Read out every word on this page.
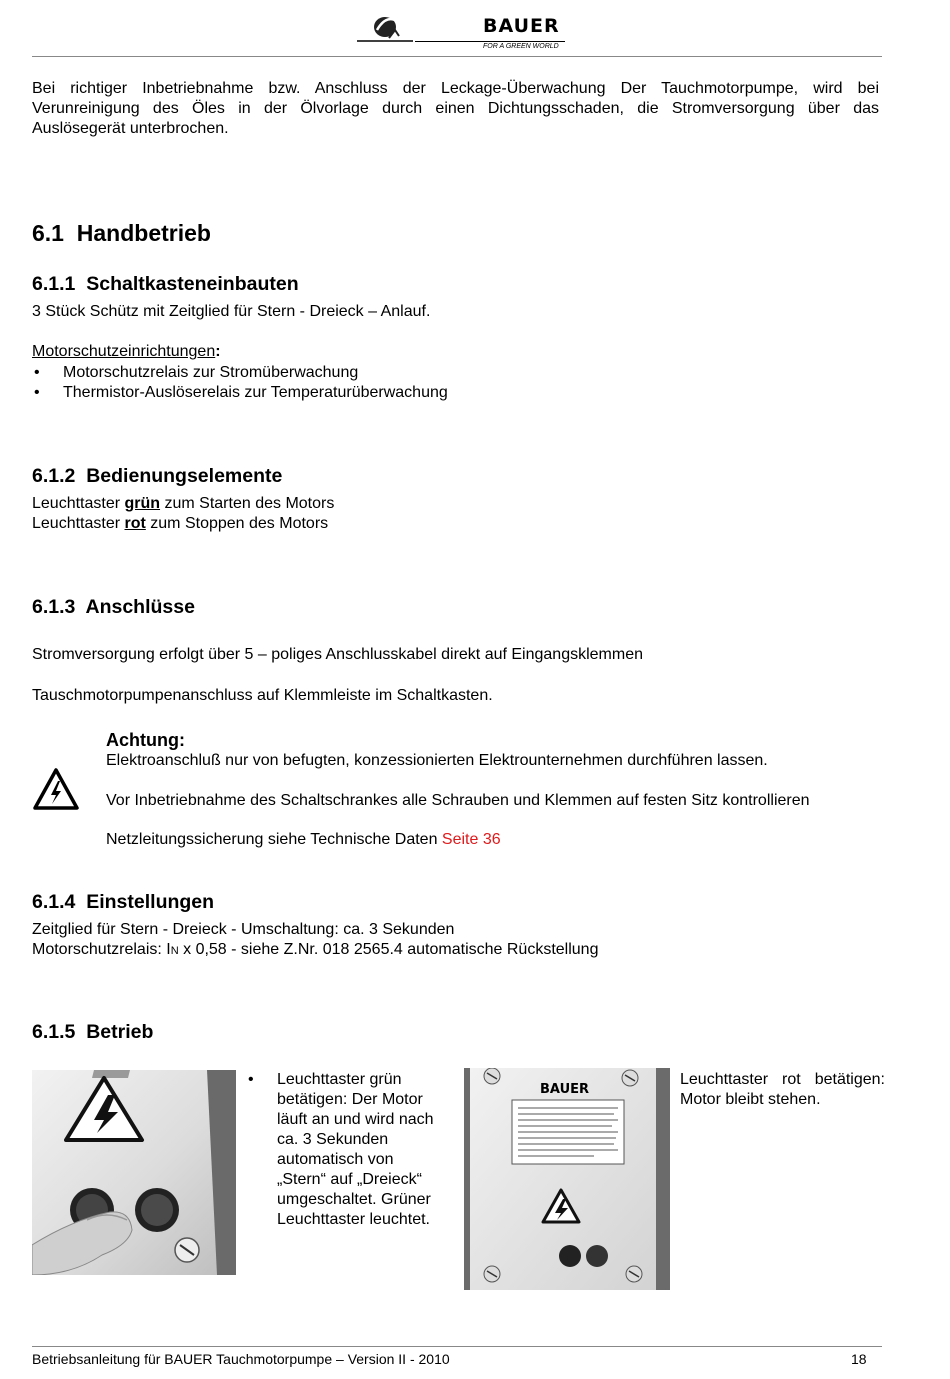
BAUER
FOR A GREEN WORLD
Bei richtiger Inbetriebnahme bzw. Anschluss der Leckage-Überwachung Der Tauchmotorpumpe, wird bei
Verunreinigung des Öles in der Ölvorlage durch einen Dichtungsschaden, die Stromversorgung über das
Auslösegerät unterbrochen.
6.1 Handbetrieb
6.1.1 Schaltkasteneinbauten
3 Stück Schütz mit Zeitglied für Stern - Dreieck – Anlauf.
Motorschutzeinrichtungen:
• Motorschutzrelais zur Stromüberwachung
• Thermistor-Auslöserelais zur Temperaturüberwachung
6.1.2 Bedienungselemente
Leuchttaster grün zum Starten des Motors
Leuchttaster rot zum Stoppen des Motors
6.1.3 Anschlüsse
Stromversorgung erfolgt über 5 – poliges Anschlusskabel direkt auf Eingangsklemmen
Tauschmotorpumpenanschluss auf Klemmleiste im Schaltkasten.
Achtung:
Elektroanschluß nur von befugten, konzessionierten Elektrounternehmen durchführen lassen.
Vor Inbetriebnahme des Schaltschrankes alle Schrauben und Klemmen auf festen Sitz kontrollieren
Netzleitungssicherung siehe Technische Daten Seite 36
6.1.4 Einstellungen
Zeitglied für Stern - Dreieck - Umschaltung: ca. 3 Sekunden
Motorschutzrelais: IN x 0,58 - siehe Z.Nr. 018 2565.4 automatische Rückstellung
6.1.5 Betrieb
• Leuchttaster grün
betätigen: Der Motor
läuft an und wird nach
ca. 3 Sekunden
automatisch von
„Stern“ auf „Dreieck“
umgeschaltet. Grüner
Leuchttaster leuchtet.
BAUER
Leuchttaster rot betätigen:
Motor bleibt stehen.
Betriebsanleitung für BAUER Tauchmotorpumpe – Version II - 2010	18
